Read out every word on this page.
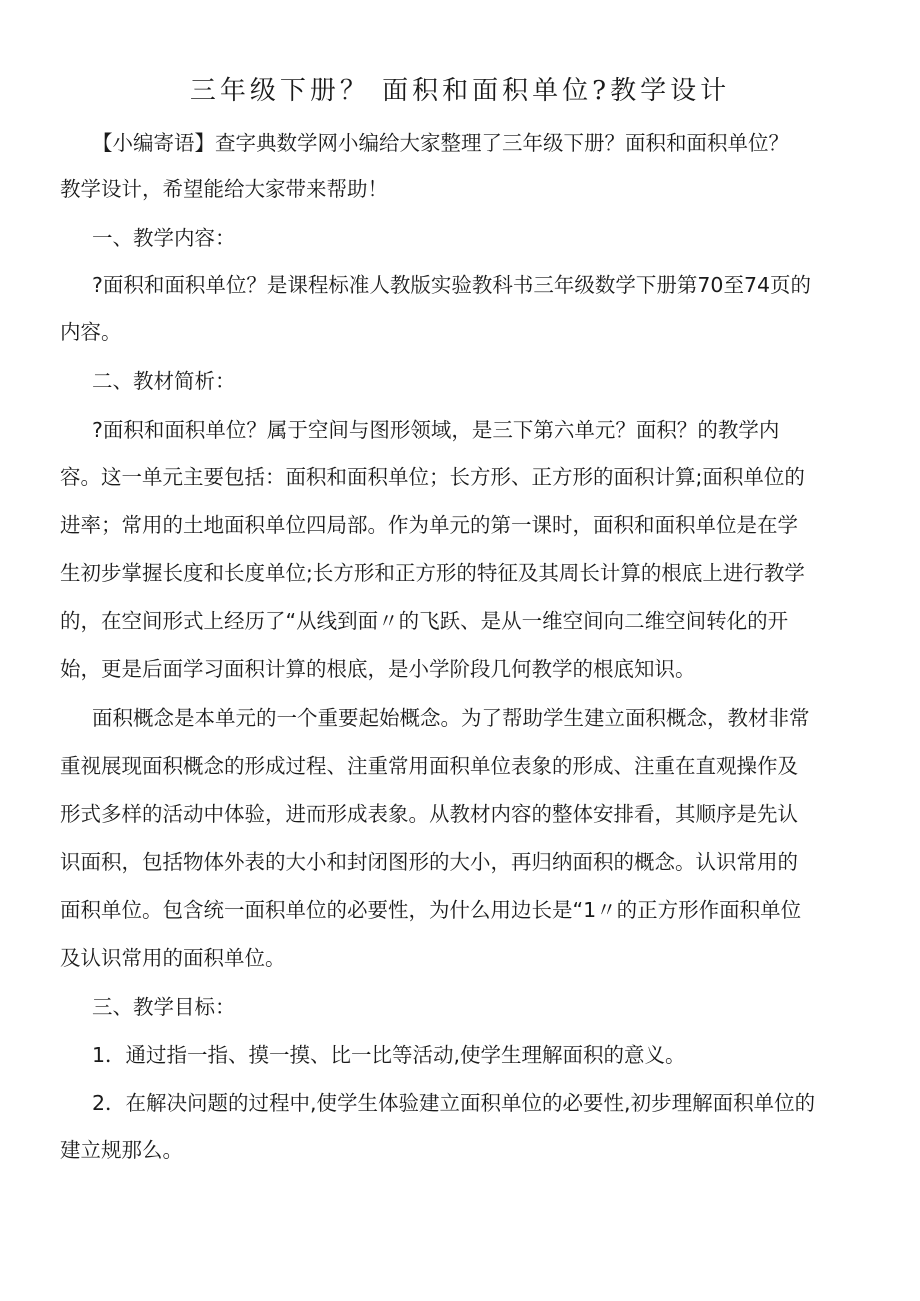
三年级下册？ 面积和面积单位?教学设计
【小编寄语】查字典数学网小编给大家整理了三年级下册？面积和面积单位？
教学设计，希望能给大家带来帮助！
一、教学内容：
?面积和面积单位？是课程标准人教版实验教科书三年级数学下册第70至74页的
内容。
二、教材简析：
?面积和面积单位？属于空间与图形领域，是三下第六单元？面积？的教学内
容。这一单元主要包括：面积和面积单位；长方形、正方形的面积计算;面积单位的
进率；常用的土地面积单位四局部。作为单元的第一课时，面积和面积单位是在学
生初步掌握长度和长度单位;长方形和正方形的特征及其周长计算的根底上进行教学
的，在空间形式上经历了“从线到面〃的飞跃、是从一维空间向二维空间转化的开
始，更是后面学习面积计算的根底，是小学阶段几何教学的根底知识。
面积概念是本单元的一个重要起始概念。为了帮助学生建立面积概念，教材非常
重视展现面积概念的形成过程、注重常用面积单位表象的形成、注重在直观操作及
形式多样的活动中体验，进而形成表象。从教材内容的整体安排看，其顺序是先认
识面积，包括物体外表的大小和封闭图形的大小，再归纳面积的概念。认识常用的
面积单位。包含统一面积单位的必要性，为什么用边长是“1〃的正方形作面积单位
及认识常用的面积单位。
三、教学目标：
1．通过指一指、摸一摸、比一比等活动,使学生理解面积的意义。
2．在解决问题的过程中,使学生体验建立面积单位的必要性,初步理解面积单位的
建立规那么。
